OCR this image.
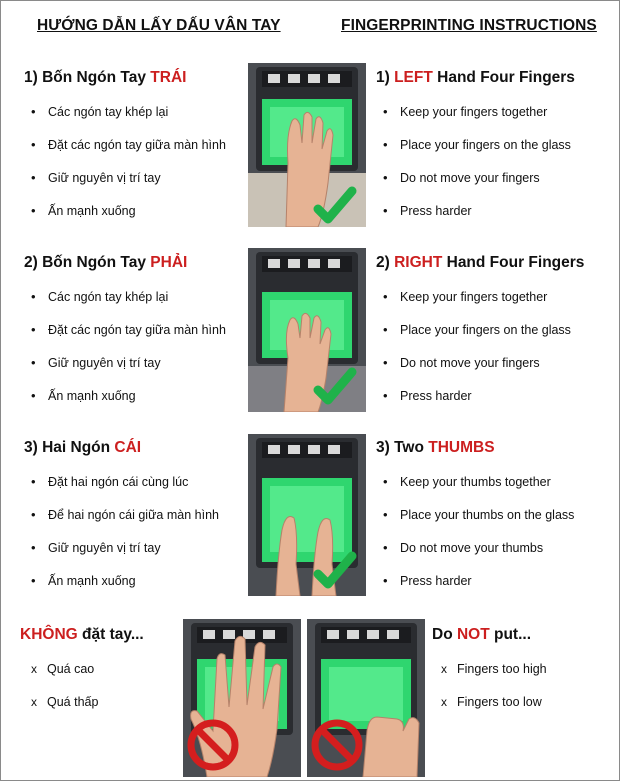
HƯỚNG DẪN LẤY DẤU VÂN TAY	FINGERPRINTING INSTRUCTIONS
1) Bốn Ngón Tay TRÁI
• Các ngón tay khép lại
• Đặt các ngón tay giữa màn hình
• Giữ nguyên vị trí tay
• Ấn mạnh xuống
1) LEFT Hand Four Fingers
• Keep your fingers together
• Place your fingers on the glass
• Do not move your fingers
• Press harder
2) Bốn Ngón Tay PHẢI
• Các ngón tay khép lại
• Đặt các ngón tay giữa màn hình
• Giữ nguyên vị trí tay
• Ấn mạnh xuống
2) RIGHT Hand Four Fingers
• Keep your fingers together
• Place your fingers on the glass
• Do not move your fingers
• Press harder
3) Hai Ngón CÁI
• Đặt hai ngón cái cùng lúc
• Để hai ngón cái giữa màn hình
• Giữ nguyên vị trí tay
• Ấn mạnh xuống
3) Two THUMBS
• Keep your thumbs together
• Place your thumbs on the glass
• Do not move your thumbs
• Press harder
KHÔNG đặt tay...
x Quá cao
x Quá thấp
Do NOT put...
x Fingers too high
x Fingers too low
